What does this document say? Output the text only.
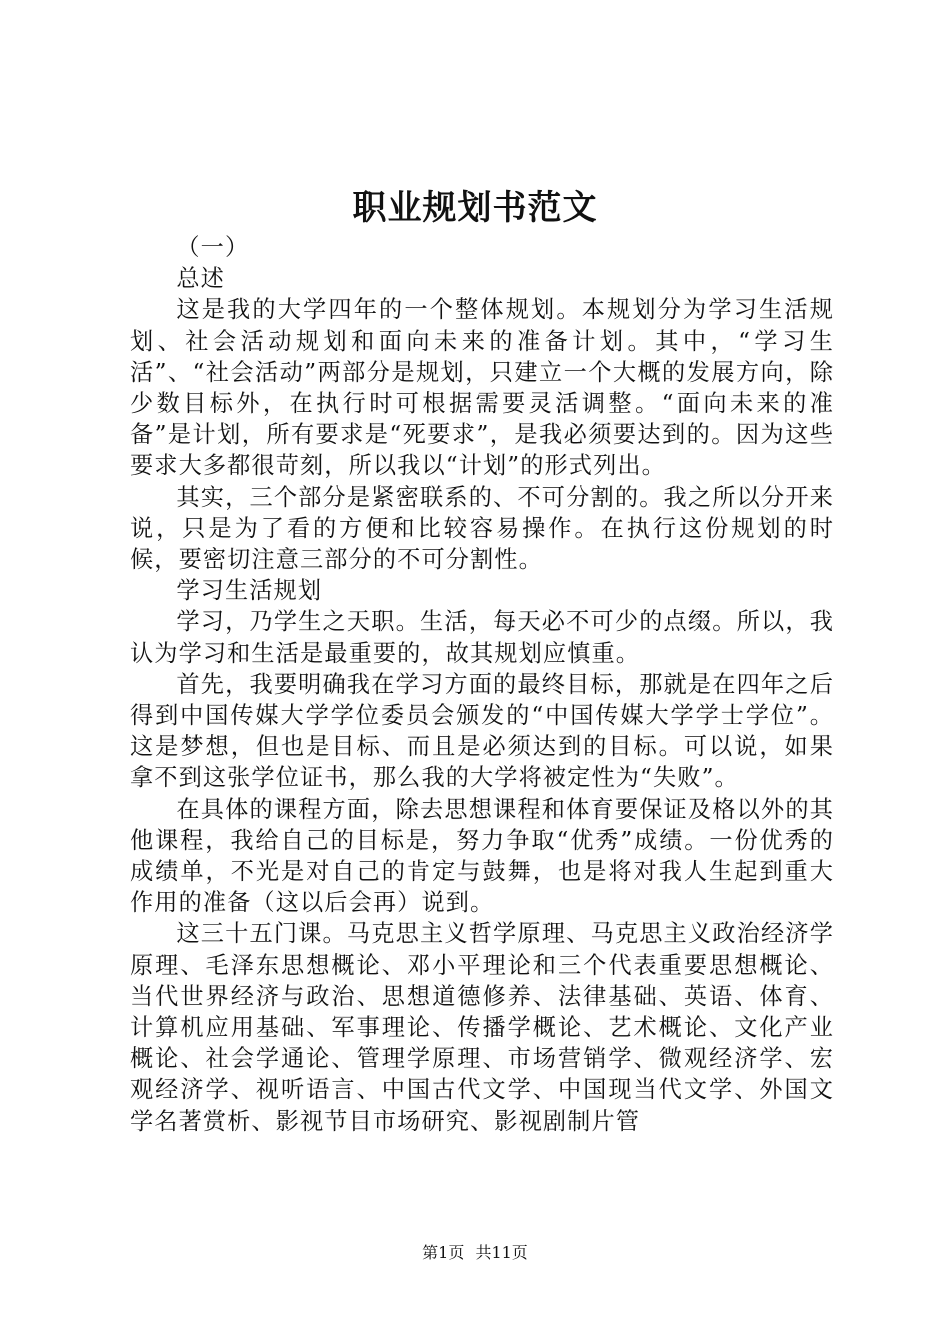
职业规划书范文

（一）

总述

这是我的大学四年的一个整体规划。本规划分为学习生活规划、社会活动规划和面向未来的准备计划。其中，“学习生活”、“社会活动”两部分是规划，只建立一个大概的发展方向，除少数目标外，在执行时可根据需要灵活调整。“面向未来的准备”是计划，所有要求是“死要求”，是我必须要达到的。因为这些要求大多都很苛刻，所以我以“计划”的形式列出。

其实，三个部分是紧密联系的、不可分割的。我之所以分开来说，只是为了看的方便和比较容易操作。在执行这份规划的时候，要密切注意三部分的不可分割性。

学习生活规划

学习，乃学生之天职。生活，每天必不可少的点缀。所以，我认为学习和生活是最重要的，故其规划应慎重。

首先，我要明确我在学习方面的最终目标，那就是在四年之后得到中国传媒大学学位委员会颁发的“中国传媒大学学士学位”。这是梦想，但也是目标、而且是必须达到的目标。可以说，如果拿不到这张学位证书，那么我的大学将被定性为“失败”。

在具体的课程方面，除去思想课程和体育要保证及格以外的其他课程，我给自己的目标是，努力争取“优秀”成绩。一份优秀的成绩单，不光是对自己的肯定与鼓舞，也是将对我人生起到重大作用的准备（这以后会再）说到。

这三十五门课。马克思主义哲学原理、马克思主义政治经济学原理、毛泽东思想概论、邓小平理论和三个代表重要思想概论、当代世界经济与政治、思想道德修养、法律基础、英语、体育、计算机应用基础、军事理论、传播学概论、艺术概论、文化产业概论、社会学通论、管理学原理、市场营销学、微观经济学、宏观经济学、视听语言、中国古代文学、中国现当代文学、外国文学名著赏析、影视节目市场研究、影视剧制片管

第1页 共11页
